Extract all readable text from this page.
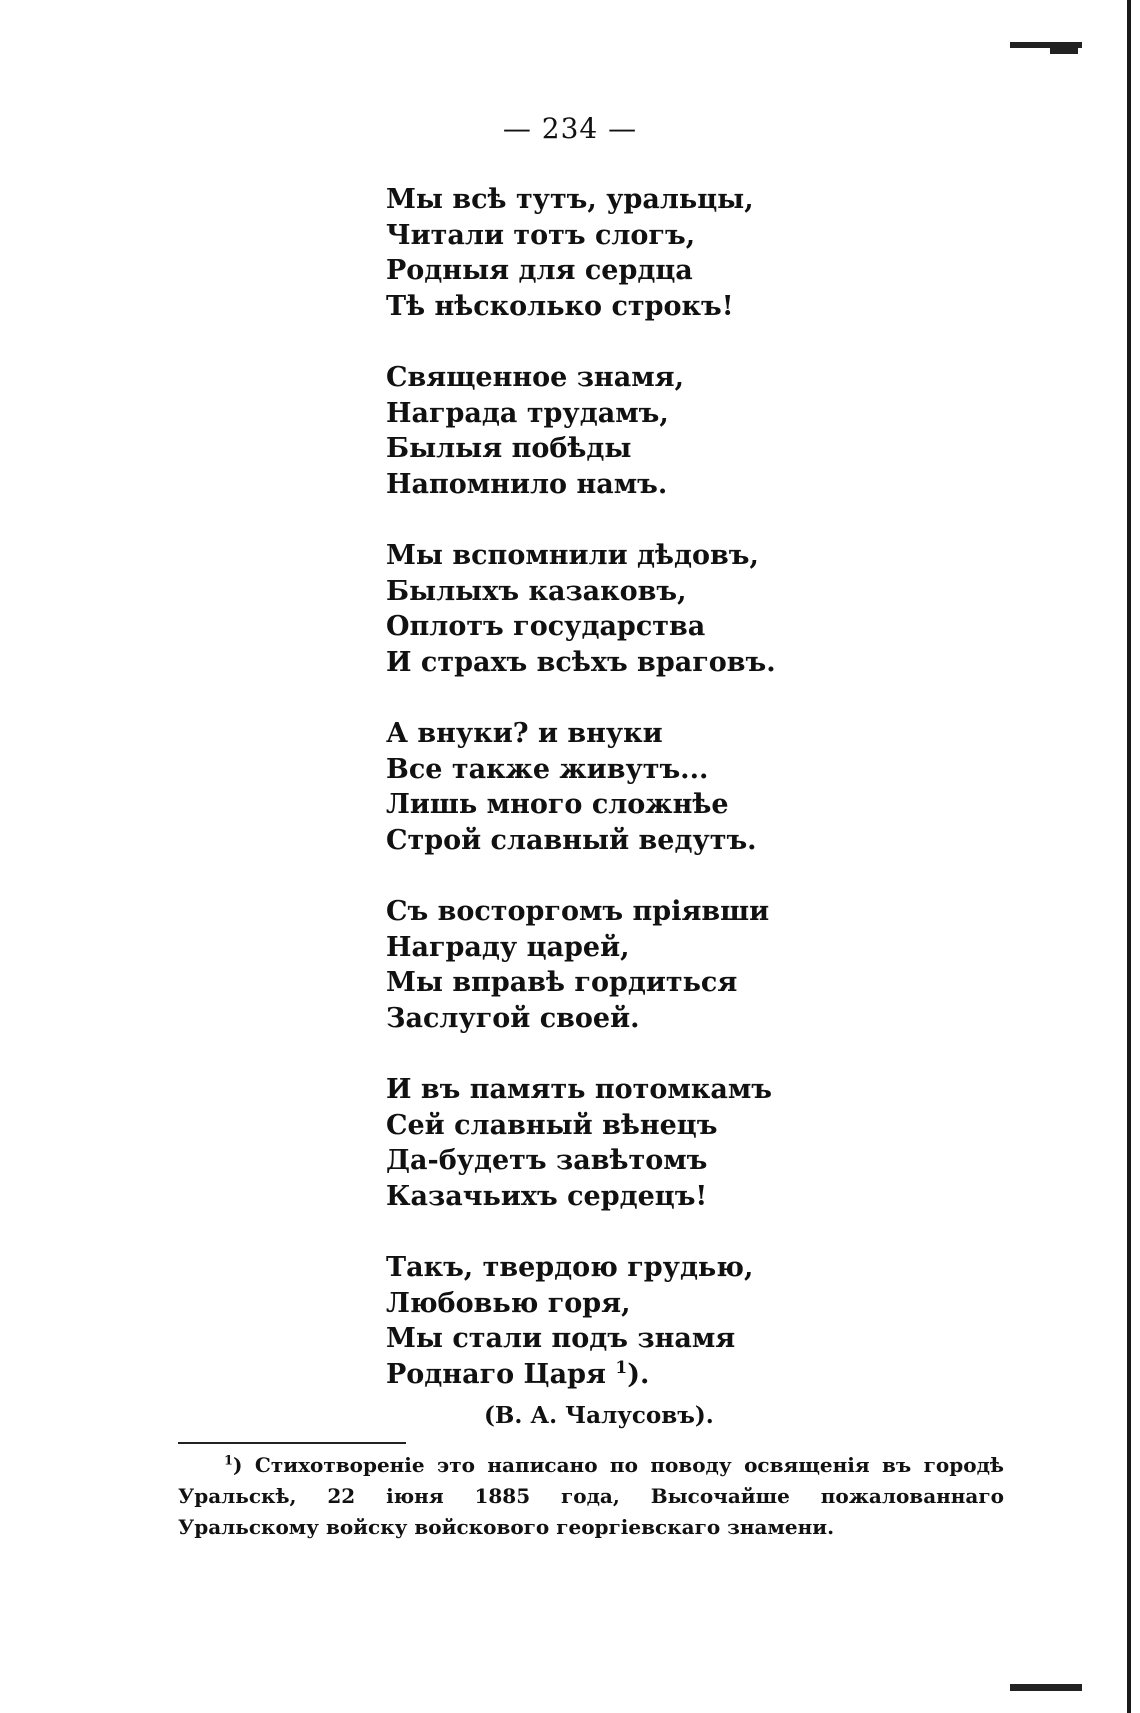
— 234 —
Мы всѣ тутъ, уральцы,
Читали тотъ слогъ,
Родныя для сердца
Тѣ нѣсколько строкъ!
Священное знамя,
Награда трудамъ,
Былыя побѣды
Напомнило намъ.
Мы вспомнили дѣдовъ,
Былыхъ казаковъ,
Оплотъ государства
И страхъ всѣхъ враговъ.
А внуки? и внуки
Все также живутъ...
Лишь много сложнѣе
Строй славный ведутъ.
Съ восторгомъ пріявши
Награду царей,
Мы вправѣ гордиться
Заслугой своей.
И въ память потомкамъ
Сей славный вѣнецъ
Да-будетъ завѣтомъ
Казачьихъ сердецъ!
Такъ, твердою грудью,
Любовью горя,
Мы стали подъ знамя
Роднаго Царя $^1$).
(В. А. Чалусовъ).
$^1$) Стихотвореніе это написано по поводу освященія въ городѣ Уральскѣ, 22 іюня 1885 года, Высочайше пожалованнаго Уральскому войску войскового георгіевскаго знамени.
